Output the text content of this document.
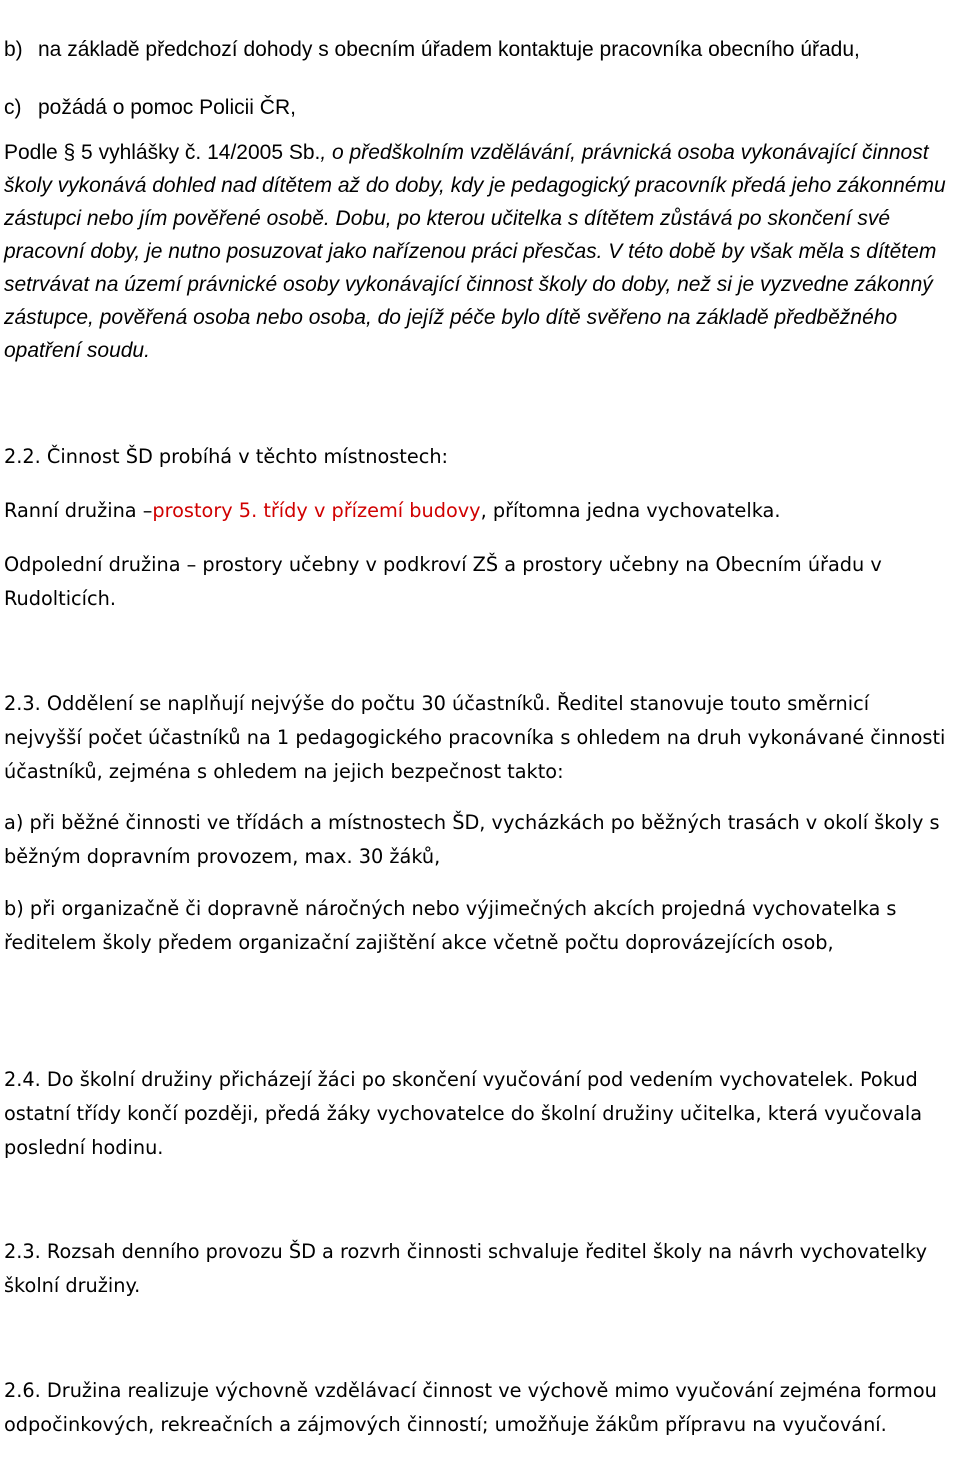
b) na základě předchozí dohody s obecním úřadem kontaktuje pracovníka obecního úřadu,

c) požádá o pomoc Policii ČR,

Podle § 5 vyhlášky č. 14/2005 Sb., o předškolním vzdělávání, právnická osoba vykonávající činnost školy vykonává dohled nad dítětem až do doby, kdy je pedagogický pracovník předá jeho zákonnému zástupci nebo jím pověřené osobě. Dobu, po kterou učitelka s dítětem zůstává po skončení své pracovní doby, je nutno posuzovat jako nařízenou práci přesčas. V této době by však měla s dítětem setrvávat na území právnické osoby vykonávající činnost školy do doby, než si je vyzvedne zákonný zástupce, pověřená osoba nebo osoba, do jejíž péče bylo dítě svěřeno na základě předběžného opatření soudu.

2.2. Činnost ŠD probíhá v těchto místnostech:

Ranní družina –prostory 5. třídy v přízemí budovy, přítomna jedna vychovatelka.

Odpolední družina – prostory učebny v podkroví ZŠ a prostory učebny na Obecním úřadu v Rudolticích.

2.3. Oddělení se naplňují nejvýše do počtu 30 účastníků. Ředitel stanovuje touto směrnicí nejvyšší počet účastníků na 1 pedagogického pracovníka s ohledem na druh vykonávané činnosti účastníků, zejména s ohledem na jejich bezpečnost takto:

a) při běžné činnosti ve třídách a místnostech ŠD, vycházkách po běžných trasách v okolí školy s běžným dopravním provozem, max. 30 žáků,

b) při organizačně či dopravně náročných nebo výjimečných akcích projedná vychovatelka s ředitelem školy předem organizační zajištění akce včetně počtu doprovázejících osob,

2.4. Do školní družiny přicházejí žáci po skončení vyučování pod vedením vychovatelek. Pokud ostatní třídy končí později, předá žáky vychovatelce do školní družiny učitelka, která vyučovala poslední hodinu.

2.3. Rozsah denního provozu ŠD a rozvrh činnosti schvaluje ředitel školy na návrh vychovatelky školní družiny.

2.6. Družina realizuje výchovně vzdělávací činnost ve výchově mimo vyučování zejména formou odpočinkových, rekreačních a zájmových činností; umožňuje žákům přípravu na vyučování.
